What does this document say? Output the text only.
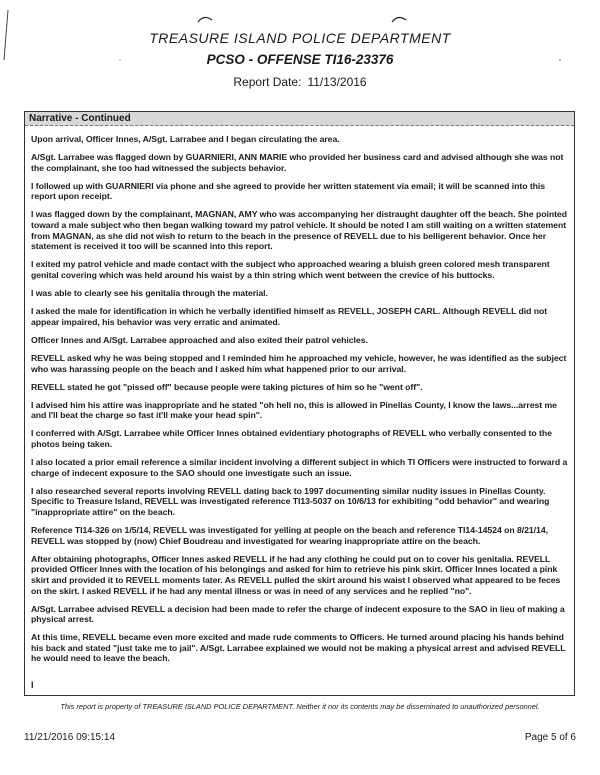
TREASURE ISLAND POLICE DEPARTMENT
PCSO - OFFENSE TI16-23376
Report Date: 11/13/2016
Narrative - Continued

Upon arrival, Officer Innes, A/Sgt. Larrabee and I began circulating the area.

A/Sgt. Larrabee was flagged down by GUARNIERI, ANN MARIE who provided her business card and advised although she was not the complainant, she too had witnessed the subjects behavior.

I followed up with GUARNIERI via phone and she agreed to provide her written statement via email; it will be scanned into this report upon receipt.

I was flagged down by the complainant, MAGNAN, AMY who was accompanying her distraught daughter off the beach. She pointed toward a male subject who then began walking toward my patrol vehicle. It should be noted I am still waiting on a written statement from MAGNAN, as she did not wish to return to the beach in the presence of REVELL due to his belligerent behavior. Once her statement is received it too will be scanned into this report.

I exited my patrol vehicle and made contact with the subject who approached wearing a bluish green colored mesh transparent genital covering which was held around his waist by a thin string which went between the crevice of his buttocks.

I was able to clearly see his genitalia through the material.

I asked the male for identification in which he verbally identified himself as REVELL, JOSEPH CARL. Although REVELL did not appear impaired, his behavior was very erratic and animated.

Officer Innes and A/Sgt. Larrabee approached and also exited their patrol vehicles.

REVELL asked why he was being stopped and I reminded him he approached my vehicle, however, he was identified as the subject who was harassing people on the beach and I asked him what happened prior to our arrival.

REVELL stated he got "pissed off" because people were taking pictures of him so he "went off".

I advised him his attire was inappropriate and he stated "oh hell no, this is allowed in Pinellas County, I know the laws...arrest me and I'll beat the charge so fast it'll make your head spin".

I conferred with A/Sgt. Larrabee while Officer Innes obtained evidentiary photographs of REVELL who verbally consented to the photos being taken.

I also located a prior email reference a similar incident involving a different subject in which TI Officers were instructed to forward a charge of indecent exposure to the SAO should one investigate such an issue.

I also researched several reports involving REVELL dating back to 1997 documenting similar nudity issues in Pinellas County. Specific to Treasure Island, REVELL was investigated reference TI13-5037 on 10/6/13 for exhibiting "odd behavior" and wearing "inappropriate attire" on the beach.

Reference TI14-326 on 1/5/14, REVELL was investigated for yelling at people on the beach and reference TI14-14524 on 8/21/14, REVELL was stopped by (now) Chief Boudreau and investigated for wearing inappropriate attire on the beach.

After obtaining photographs, Officer Innes asked REVELL if he had any clothing he could put on to cover his genitalia. REVELL provided Officer Innes with the location of his belongings and asked for him to retrieve his pink skirt. Officer Innes located a pink skirt and provided it to REVELL moments later. As REVELL pulled the skirt around his waist I observed what appeared to be feces on the skirt. I asked REVELL if he had any mental illness or was in need of any services and he replied "no".

A/Sgt. Larrabee advised REVELL a decision had been made to refer the charge of indecent exposure to the SAO in lieu of making a physical arrest.

At this time, REVELL became even more excited and made rude comments to Officers. He turned around placing his hands behind his back and stated "just take me to jail". A/Sgt. Larrabee explained we would not be making a physical arrest and advised REVELL he would need to leave the beach.

I
This report is property of TREASURE ISLAND POLICE DEPARTMENT. Neither it nor its contents may be disseminated to unauthorized personnel.
11/21/2016 09:15:14	Page 5 of 6
